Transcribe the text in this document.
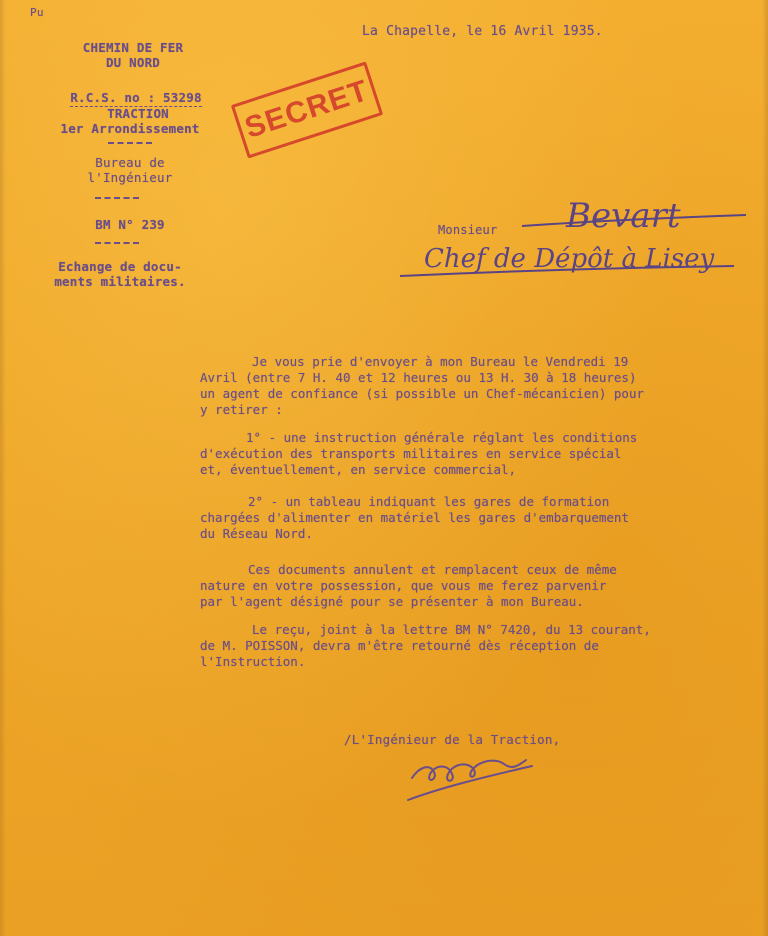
Pu
CHEMIN DE FER
DU NORD
R.C.S. no : 53298
TRACTION
1er Arrondissement
Bureau de
l'Ingénieur
BM N° 239
Echange de docu-
ments militaires.
La Chapelle, le 16 Avril 1935.
SECRET
Monsieur Bevart
Chef de Dépôt à Lisey
Je vous prie d'envoyer à mon Bureau le Vendredi 19
Avril (entre 7 H. 40 et 12 heures ou 13 H. 30 à 18 heures)
un agent de confiance (si possible un Chef-mécanicien) pour
y retirer :
1° - une instruction générale réglant les conditions
d'exécution des transports militaires en service spécial
et, éventuellement, en service commercial,
2° - un tableau indiquant les gares de formation
chargées d'alimenter en matériel les gares d'embarquement
du Réseau Nord.
Ces documents annulent et remplacent ceux de même
nature en votre possession, que vous me ferez parvenir
par l'agent désigné pour se présenter à mon Bureau.
Le reçu, joint à la lettre BM N° 7420, du 13 courant,
de M. POISSON, devra m'être retourné dès réception de
l'Instruction.
/L'Ingénieur de la Traction,
